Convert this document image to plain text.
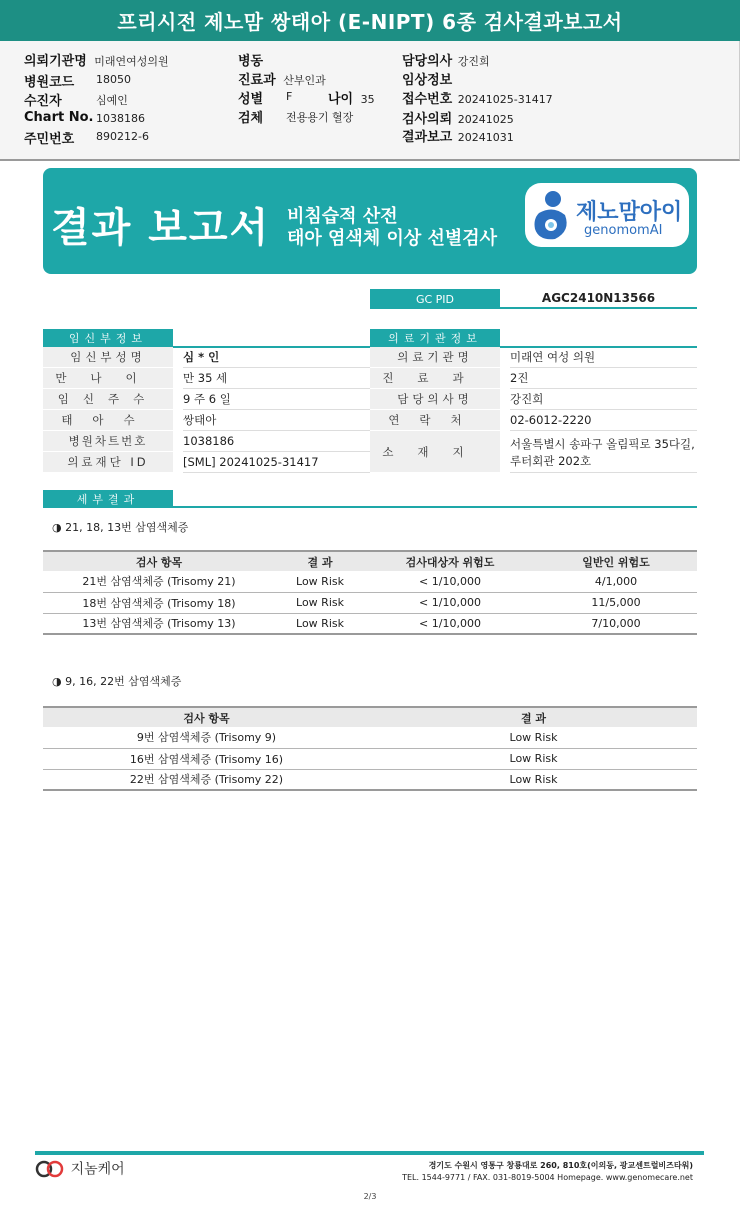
프리시전 제노맘 쌍태아 (E-NIPT) 6종 검사결과보고서
의뢰기관명 미래연여성의원
병원코드 18050
수진자	심예인
Chart No. 1038186
주민번호 890212-6
병동
진료과 산부인과
성별 F	나이 35
검체 전용용기 혈장
담당의사 강진희
임상정보
접수번호 20241025-31417
검사의뢰 20241025
결과보고 20241031
결과 보고서 비침습적 산전
태아 염색체 이상 선별검사
제노맘아이
genomomAI
GC PID	AGC2410N13566
임신부정보
임신부성명	심 * 인
만나이	만 35 세
임신주수	9 주 6 일
태아수	쌍태아
병원차트번호	1038186
의료재단 ID	[SML] 20241025-31417
의료기관정보
의료기관명	미래연 여성 의원
진료과	2진
담당의사명	강진희
연락처	02-6012-2220
소재지
서울특별시 송파구 올림픽로 35다길,
루터회관 202호
세부결과
◑ 21, 18, 13번 삼염색체증
검사 항목	결 과	검사대상자 위험도	일반인 위험도
21번 삼염색체증 (Trisomy 21)	Low Risk	< 1/10,000	4/1,000
18번 삼염색체증 (Trisomy 18)	Low Risk	< 1/10,000	11/5,000
13번 삼염색체증 (Trisomy 13)	Low Risk	< 1/10,000	7/10,000
◑ 9, 16, 22번 삼염색체증
검사 항목	결 과
9번 삼염색체증 (Trisomy 9)	Low Risk
16번 삼염색체증 (Trisomy 16)	Low Risk
22번 삼염색체증 (Trisomy 22)	Low Risk
지놈케어	경기도 수원시 영통구 창룡대로 260, 810호(이의동, 광교센트럴비즈타워)
TEL. 1544-9771 / FAX. 031-8019-5004 Homepage. www.genomecare.net
2/3
